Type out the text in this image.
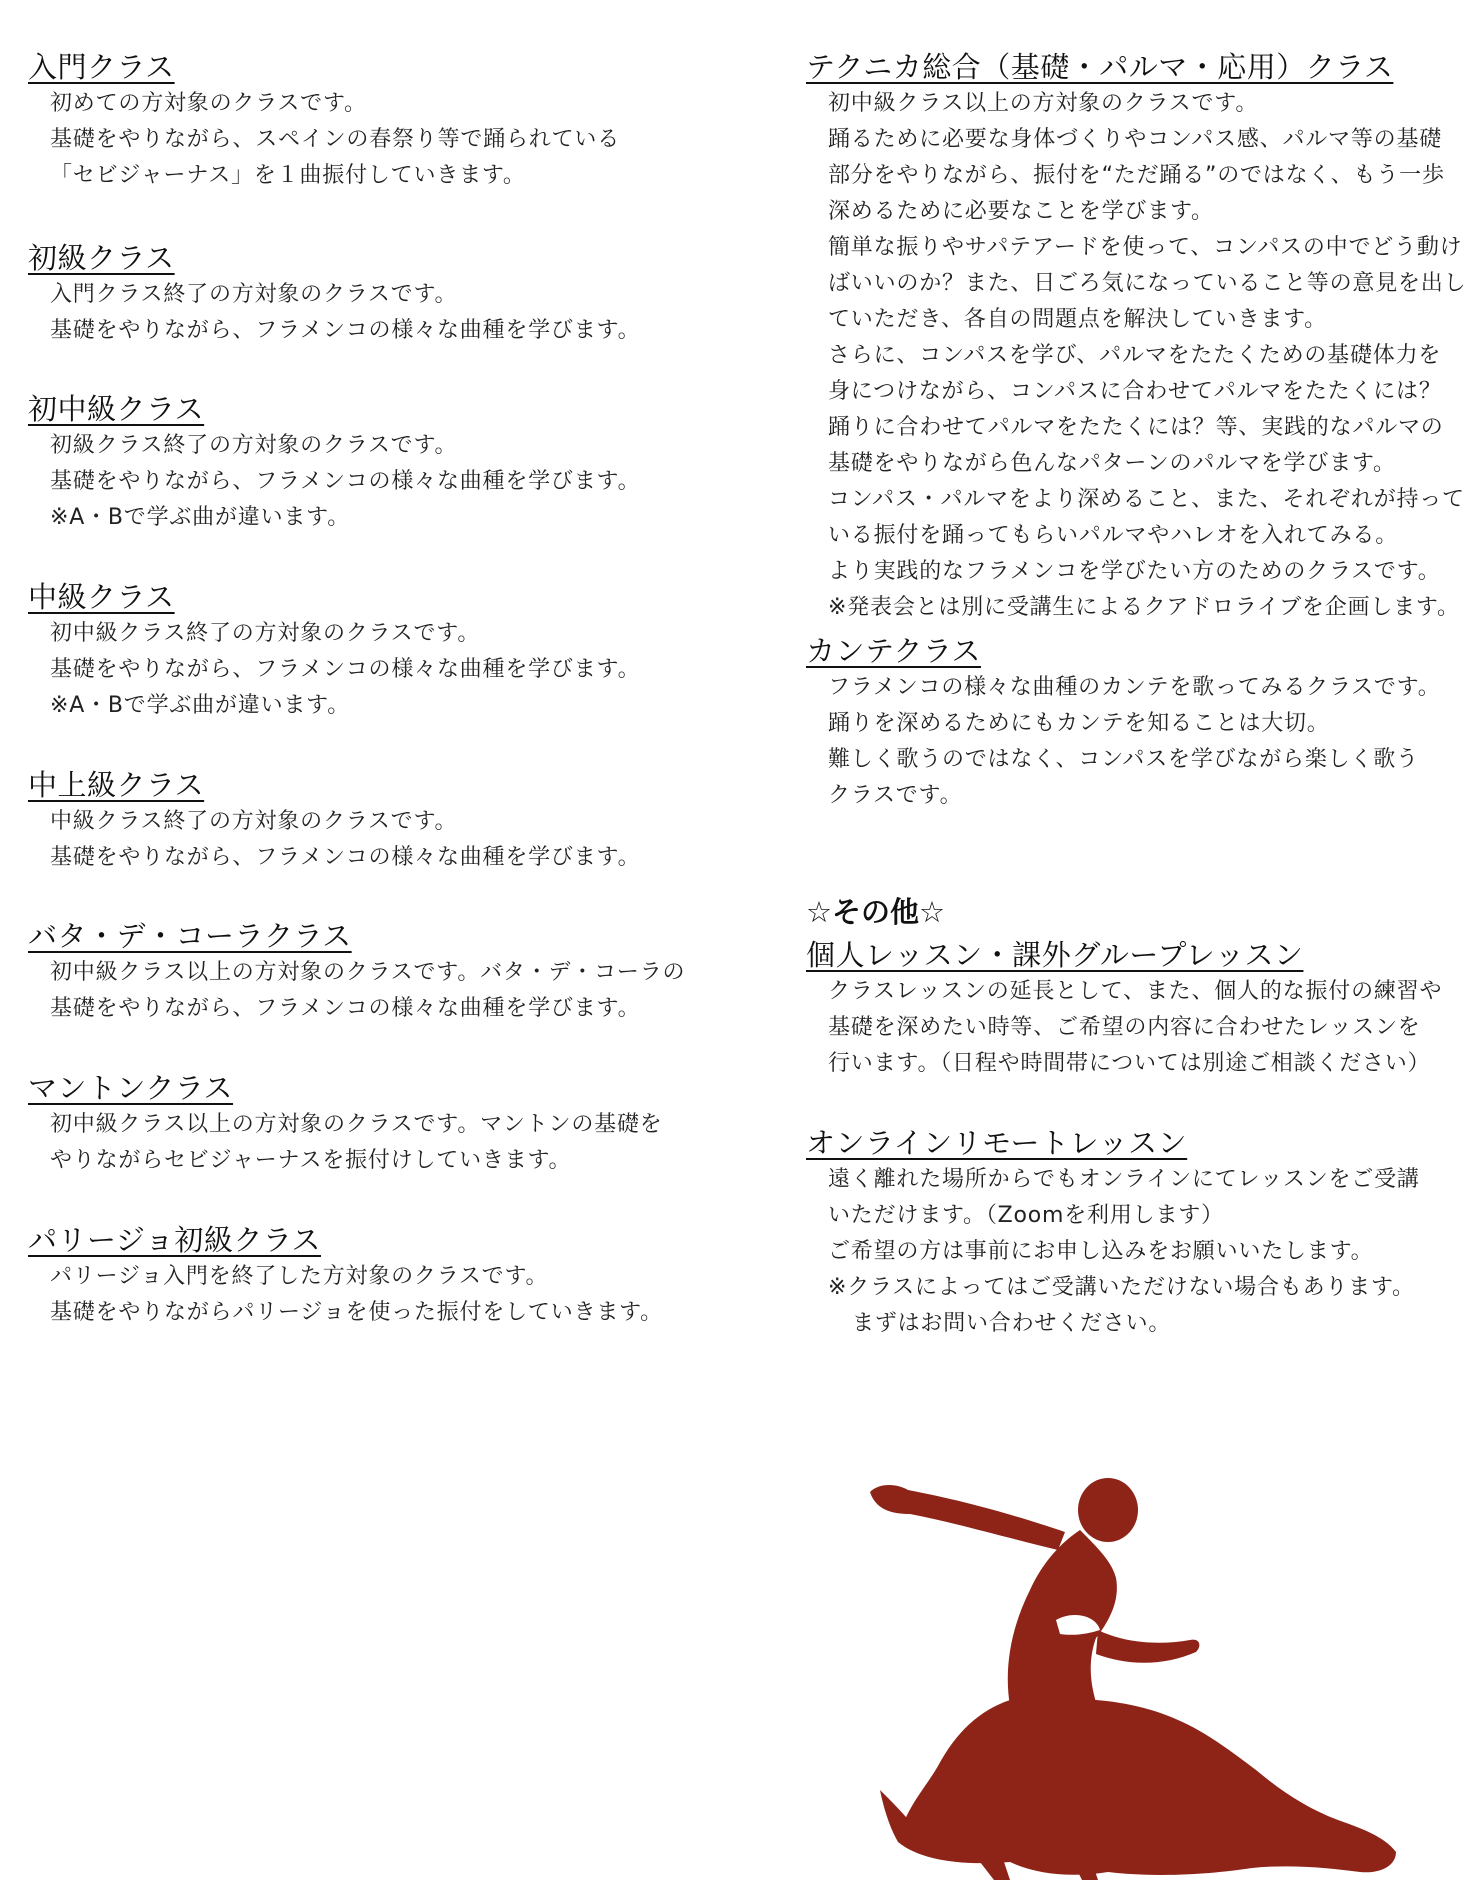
入門クラス
初めての方対象のクラスです。
基礎をやりながら、スペインの春祭り等で踊られている
「セビジャーナス」を１曲振付していきます。
初級クラス
入門クラス終了の方対象のクラスです。
基礎をやりながら、フラメンコの様々な曲種を学びます。
初中級クラス
初級クラス終了の方対象のクラスです。
基礎をやりながら、フラメンコの様々な曲種を学びます。
※A・Bで学ぶ曲が違います。
中級クラス
初中級クラス終了の方対象のクラスです。
基礎をやりながら、フラメンコの様々な曲種を学びます。
※A・Bで学ぶ曲が違います。
中上級クラス
中級クラス終了の方対象のクラスです。
基礎をやりながら、フラメンコの様々な曲種を学びます。
バタ・デ・コーラクラス
初中級クラス以上の方対象のクラスです。バタ・デ・コーラの
基礎をやりながら、フラメンコの様々な曲種を学びます。
マントンクラス
初中級クラス以上の方対象のクラスです。マントンの基礎を
やりながらセビジャーナスを振付けしていきます。
パリージョ初級クラス
パリージョ入門を終了した方対象のクラスです。
基礎をやりながらパリージョを使った振付をしていきます。
テクニカ総合（基礎・パルマ・応用）クラス
初中級クラス以上の方対象のクラスです。
踊るために必要な身体づくりやコンパス感、パルマ等の基礎
部分をやりながら、振付を“ただ踊る”のではなく、もう一歩
深めるために必要なことを学びます。
簡単な振りやサパテアードを使って、コンパスの中でどう動け
ばいいのか？また、日ごろ気になっていること等の意見を出し
ていただき、各自の問題点を解決していきます。
さらに、コンパスを学び、パルマをたたくための基礎体力を
身につけながら、コンパスに合わせてパルマをたたくには？
踊りに合わせてパルマをたたくには？等、実践的なパルマの
基礎をやりながら色んなパターンのパルマを学びます。
コンパス・パルマをより深めること、また、それぞれが持って
いる振付を踊ってもらいパルマやハレオを入れてみる。
より実践的なフラメンコを学びたい方のためのクラスです。
※発表会とは別に受講生によるクアドロライブを企画します。
カンテクラス
フラメンコの様々な曲種のカンテを歌ってみるクラスです。
踊りを深めるためにもカンテを知ることは大切。
難しく歌うのではなく、コンパスを学びながら楽しく歌う
クラスです。
☆その他☆
個人レッスン・課外グループレッスン
クラスレッスンの延長として、また、個人的な振付の練習や
基礎を深めたい時等、ご希望の内容に合わせたレッスンを
行います。（日程や時間帯については別途ご相談ください）
オンラインリモートレッスン
遠く離れた場所からでもオンラインにてレッスンをご受講
いただけます。（Zoomを利用します）
ご希望の方は事前にお申し込みをお願いいたします。
※クラスによってはご受講いただけない場合もあります。
まずはお問い合わせください。
